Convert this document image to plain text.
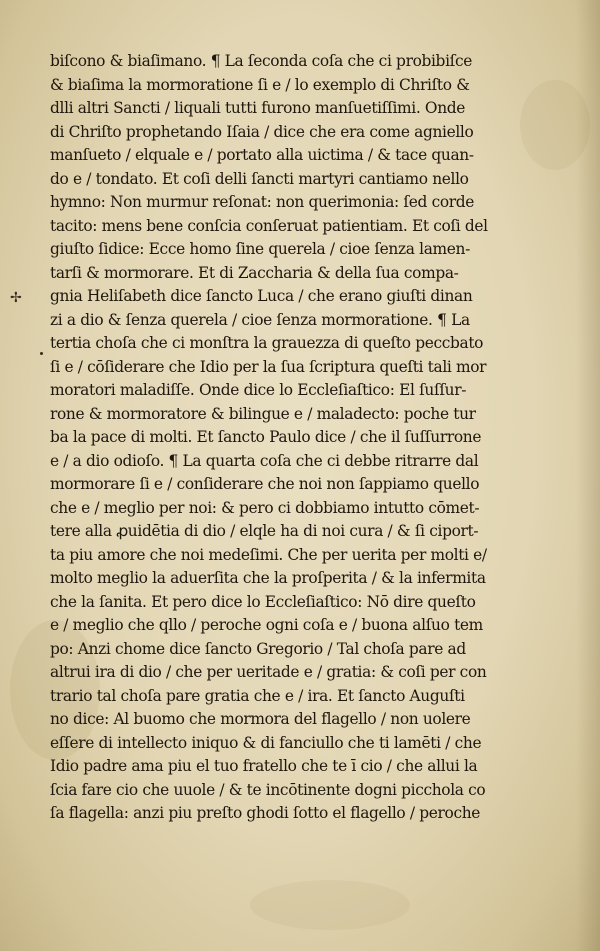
✢
biſcono & biaſimano. ¶ La ſeconda coſa che ci probibiſce
& biaſima la mormoratione ſi e / lo exemplo di Chriſto &
dlli altri Sancti / liquali tutti furono manſuetiſſimi. Onde
di Chriſto prophetando Iſaia / dice che era come agniello
manſueto / elquale e / portato alla uictima / & tace quan-
do e / tondato. Et coſi delli ſancti martyri cantiamo nello
hymno: Non murmur reſonat: non querimonia: ſed corde
tacito: mens bene conſcia conſeruat patientiam. Et coſi del
giuſto ſidice: Ecce homo ſine querela / cioe ſenza lamen-
tarſi & mormorare. Et di Zaccharia & della ſua compa-
gnia Heliſabeth dice ſancto Luca / che erano giuſti dinan
zi a dio & ſenza querela / cioe ſenza mormoratione. ¶ La
tertia choſa che ci monſtra la grauezza di queſto peccbato
ſi e / cōſiderare che Idio per la ſua ſcriptura queſti tali mor
moratori maladiſſe. Onde dice lo Eccleſiaſtico: El ſuſſur-
rone & mormoratore & bilingue e / maladecto: poche tur
ba la pace di molti. Et ſancto Paulo dice / che il ſuſſurrone
e / a dio odioſo. ¶ La quarta coſa che ci debbe ritrarre dal
mormorare ſi e / conſiderare che noi non ſappiamo quello
che e / meglio per noi: & pero ci dobbiamo intutto cōmet-
tere alla ꝓuidētia di dio / elqle ha di noi cura / & ſi ciport-
ta piu amore che noi medeſimi. Che per uerita per molti e/
molto meglio la aduerſita che la proſperita / & la infermita
che la ſanita. Et pero dice lo Eccleſiaſtico: Nō dire queſto
e / meglio che qllo / peroche ogni coſa e / buona alſuo tem
po: Anzi chome dice ſancto Gregorio / Tal choſa pare ad
altrui ira di dio / che per ueritade e / gratia: & coſi per con
trario tal choſa pare gratia che e / ira. Et ſancto Auguſti
no dice: Al buomo che mormora del flagello / non uolere
eſſere di intellecto iniquo & di fanciullo che ti lamēti / che
Idio padre ama piu el tuo fratello che te ī cio / che allui la
ſcia fare cio che uuole / & te incōtinente dogni picchola co
ſa flagella: anzi piu preſto ghodi ſotto el flagello / peroche
